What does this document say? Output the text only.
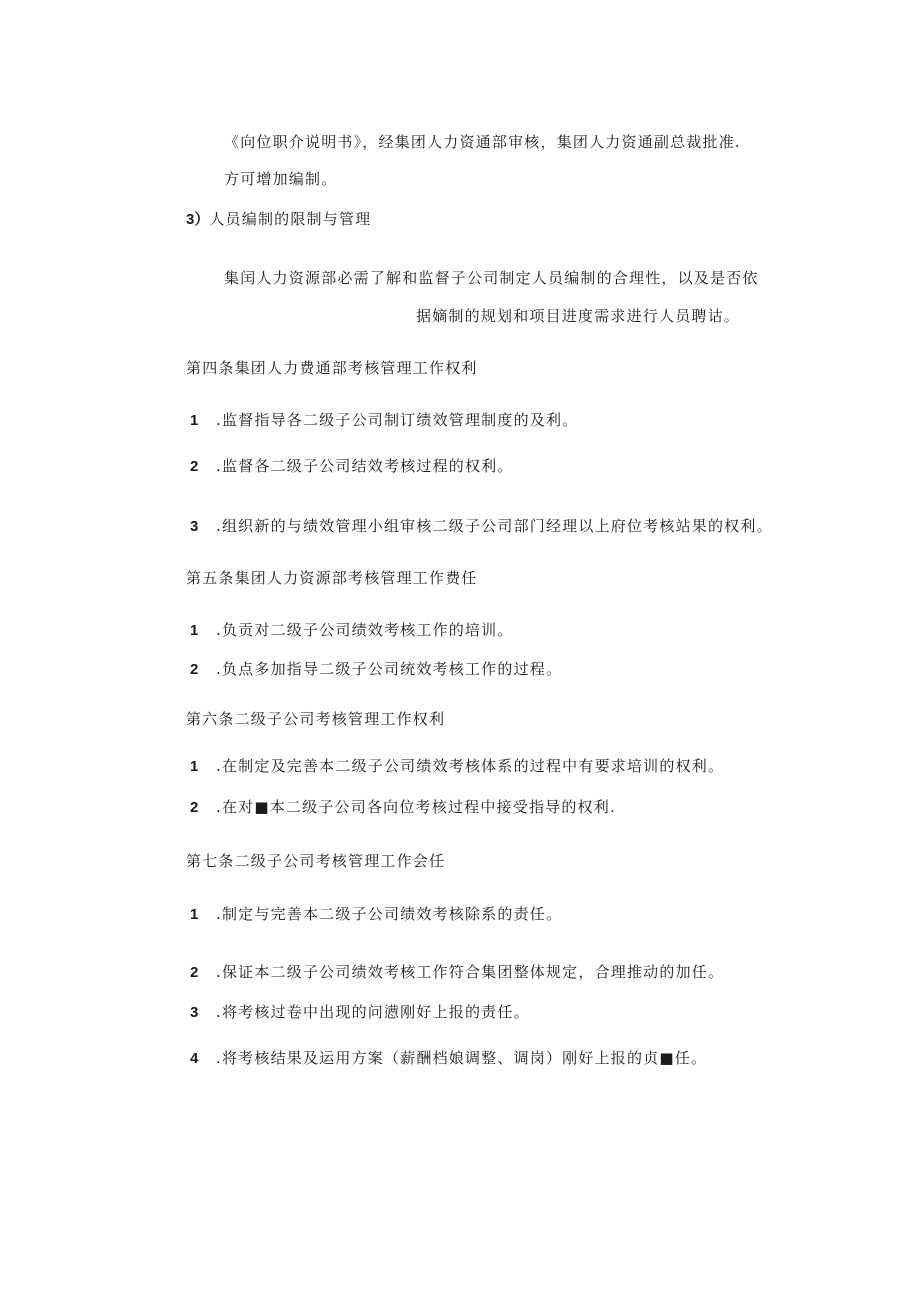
《向位职介说明书》，经集团人力资通部审核，集团人力资通副总裁批准.
方可增加编制。
3）人员编制的限制与管理
集闰人力资源部必需了解和监督子公司制定人员编制的合理性，以及是否依
据嫡制的规划和项目进度需求进行人员聘诂。
第四条集团人力费通部考核管理工作权利
1 .监督指导各二级子公司制订绩效管理制度的及利。
2 .监督各二级子公司结效考核过程的权利。
3 .组织新的与绩效管理小组审核二级子公司部门经理以上府位考核站果的权利。
第五条集团人力资源部考核管理工作费任
1 .负贡对二级子公司绩效考核工作的培训。
2 .负点多加指导二级子公司统效考核工作的过程。
第六条二级子公司考核管理工作权利
1 .在制定及完善本二级子公司绩效考核体系的过程中有要求培训的权利。
2 .在对■本二级子公司各向位考核过程中接受指导的权利.
第七条二级子公司考核管理工作会任
1 .制定与完善本二级子公司绩效考核除系的责任。
2 .保证本二级子公司绩效考核工作符合集团整体规定，合理推动的加任。
3 .将考核过卷中出现的问懑刚好上报的责任。
4 .将考核结果及运用方案（薪酬档娘调整、调岗）刚好上报的贞■任。
